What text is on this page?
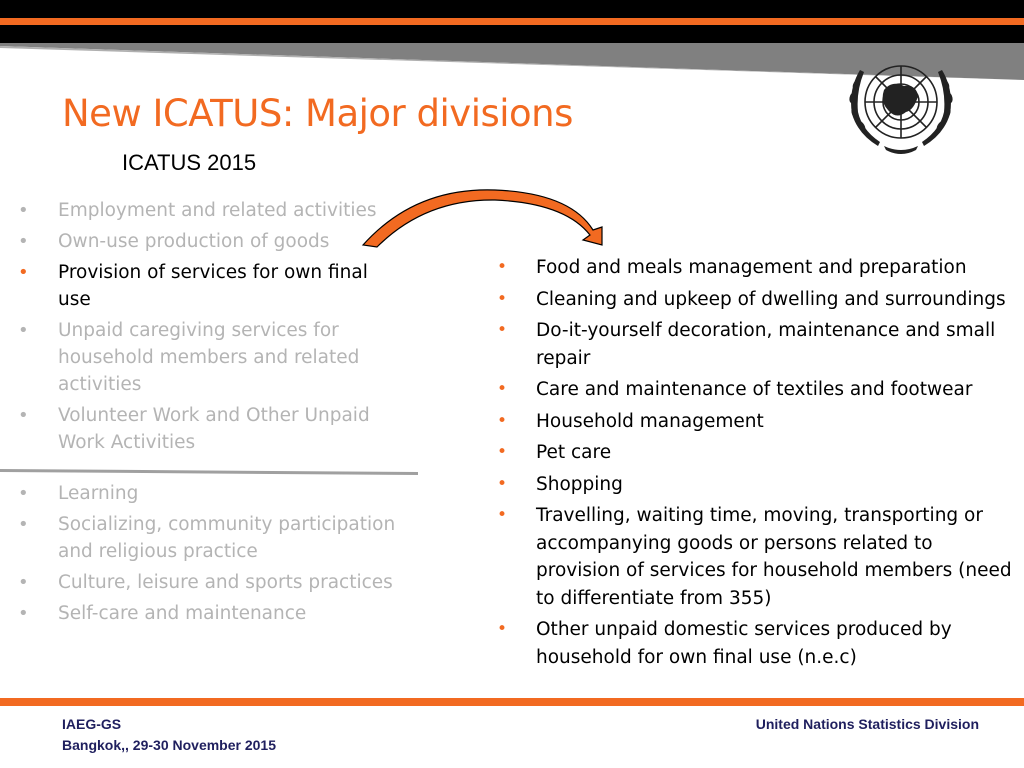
New ICATUS: Major divisions
ICATUS 2015
• Employment and related activities
• Own-use production of goods
• Provision of services for own final use
• Unpaid caregiving services for household members and related activities
• Volunteer Work and Other Unpaid Work Activities
• Learning
• Socializing, community participation and religious practice
• Culture, leisure and sports practices
• Self-care and maintenance
• Food and meals management and preparation
• Cleaning and upkeep of dwelling and surroundings
• Do-it-yourself decoration, maintenance and small repair
• Care and maintenance of textiles and footwear
• Household management
• Pet care
• Shopping
• Travelling, waiting time, moving, transporting or accompanying goods or persons related to provision of services for household members (need to differentiate from 355)
• Other unpaid domestic services produced by household for own final use (n.e.c)
IAEG-GS
Bangkok,, 29-30 November 2015
United Nations Statistics Division
